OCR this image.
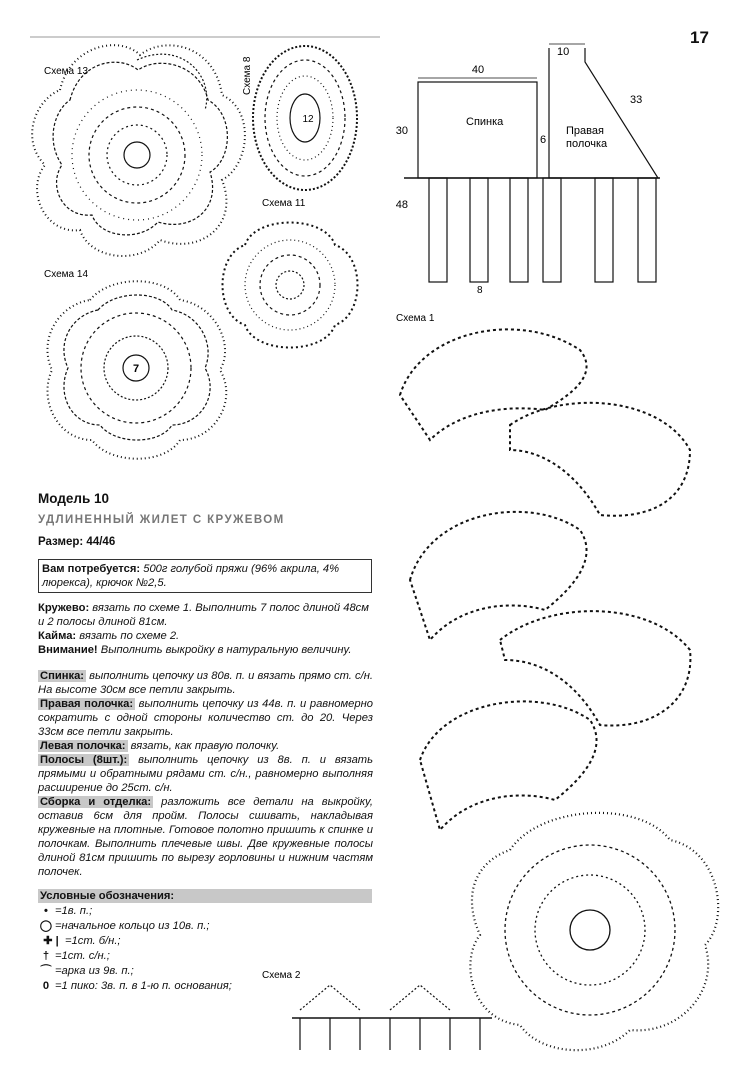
17
Схема 13
12
Схема 8
Схема 11
7
Схема 14
40
30
Спинка
6
Правая полочка
10
33
48
8
Схема 1
Схема 2
Модель 10
УДЛИНЕННЫЙ ЖИЛЕТ С КРУЖЕВОМ
Размер: 44/46
Вам потребуется: 500г голубой пряжи (96% акрила, 4% люрекса), крючок №2,5.

Кружево: вязать по схеме 1. Выполнить 7 полос длиной 48см и 2 полосы длиной 81см.

Кайма: вязать по схеме 2.

Внимание! Выполнить выкройку в натуральную величину.

Спинка: выполнить цепочку из 80в. п. и вязать прямо ст. с/н. На высоте 30см все петли закрыть.

Правая полочка: выполнить цепочку из 44в. п. и равномерно сократить с одной стороны количество ст. до 20. Через 33см все петли закрыть.

Левая полочка: вязать, как правую полочку.

Полосы (8шт.): выполнить цепочку из 8в. п. и вязать прямыми и обратными рядами ст. с/н., равномерно выполняя расширение до 25ст. с/н.

Сборка и отделка: разложить все детали на выкройку, оставив 6см для пройм. Полосы сшивать, накладывая кружевные на плотные. Готовое полотно пришить к спинке и полочкам. Выполнить плечевые швы. Две кружевные полосы длиной 81см пришить по вырезу горловины и нижним частям полочек.

Условные обозначения:
• =1в. п.;
◯ =начальное кольцо из 10в. п.;
✚ | =1ст. б/н.;
† =1ст. с/н.;
⌒ =арка из 9в. п.;
0 =1 пико: 3в. п. в 1-ю п. основания;
